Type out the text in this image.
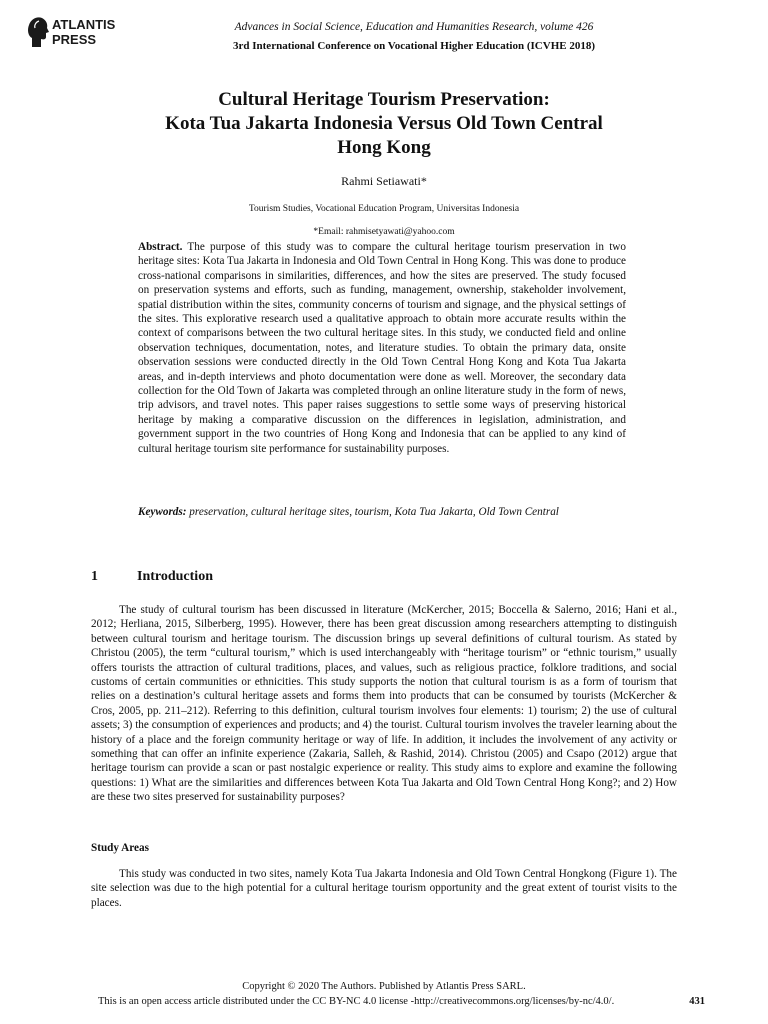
ATLANTIS
PRESS
Advances in Social Science, Education and Humanities Research, volume 426
3rd International Conference on Vocational Higher Education (ICVHE 2018)
Cultural Heritage Tourism Preservation:
Kota Tua Jakarta Indonesia Versus Old Town Central
Hong Kong
Rahmi Setiawati*
Tourism Studies, Vocational Education Program, Universitas Indonesia
*Email: rahmisetyawati@yahoo.com

Abstract. The purpose of this study was to compare the cultural heritage tourism preservation in two heritage sites: Kota Tua Jakarta in Indonesia and Old Town Central in Hong Kong. This was done to produce cross-national comparisons in similarities, differences, and how the sites are preserved. The study focused on preservation systems and efforts, such as funding, management, ownership, stakeholder involvement, spatial distribution within the sites, community concerns of tourism and signage, and the physical settings of the sites. This explorative research used a qualitative approach to obtain more accurate results within the context of comparisons between the two cultural heritage sites. In this study, we conducted field and online observation techniques, documentation, notes, and literature studies. To obtain the primary data, onsite observation sessions were conducted directly in the Old Town Central Hong Kong and Kota Tua Jakarta areas, and in-depth interviews and photo documentation were done as well. Moreover, the secondary data collection for the Old Town of Jakarta was completed through an online literature study in the form of news, trip advisors, and travel notes. This paper raises suggestions to settle some ways of preserving historical heritage by making a comparative discussion on the differences in legislation, administration, and government support in the two countries of Hong Kong and Indonesia that can be applied to any kind of cultural heritage tourism site performance for sustainability purposes.

Keywords: preservation, cultural heritage sites, tourism, Kota Tua Jakarta, Old Town Central

1	Introduction

The study of cultural tourism has been discussed in literature (McKercher, 2015; Boccella & Salerno, 2016; Hani et al., 2012; Herliana, 2015, Silberberg, 1995). However, there has been great discussion among researchers attempting to distinguish between cultural tourism and heritage tourism. The discussion brings up several definitions of cultural tourism. As stated by Christou (2005), the term “cultural tourism,” which is used interchangeably with “heritage tourism” or “ethnic tourism,” usually offers tourists the attraction of cultural traditions, places, and values, such as religious practice, folklore traditions, and social customs of certain communities or ethnicities. This study supports the notion that cultural tourism is as a form of tourism that relies on a destination’s cultural heritage assets and forms them into products that can be consumed by tourists (McKercher & Cros, 2005, pp. 211–212). Referring to this definition, cultural tourism involves four elements: 1) tourism; 2) the use of cultural assets; 3) the consumption of experiences and products; and 4) the tourist. Cultural tourism involves the traveler learning about the history of a place and the foreign community heritage or way of life. In addition, it includes the involvement of any activity or something that can offer an infinite experience (Zakaria, Salleh, & Rashid, 2014). Christou (2005) and Csapo (2012) argue that heritage tourism can provide a scan or past nostalgic experience or reality. This study aims to explore and examine the following questions: 1) What are the similarities and differences between Kota Tua Jakarta and Old Town Central Hong Kong?; and 2) How are these two sites preserved for sustainability purposes?

Study Areas

This study was conducted in two sites, namely Kota Tua Jakarta Indonesia and Old Town Central Hongkong (Figure 1). The site selection was due to the high potential for a cultural heritage tourism opportunity and the great extent of tourist visits to the places.

Copyright © 2020 The Authors. Published by Atlantis Press SARL.
This is an open access article distributed under the CC BY-NC 4.0 license -http://creativecommons.org/licenses/by-nc/4.0/.	431
